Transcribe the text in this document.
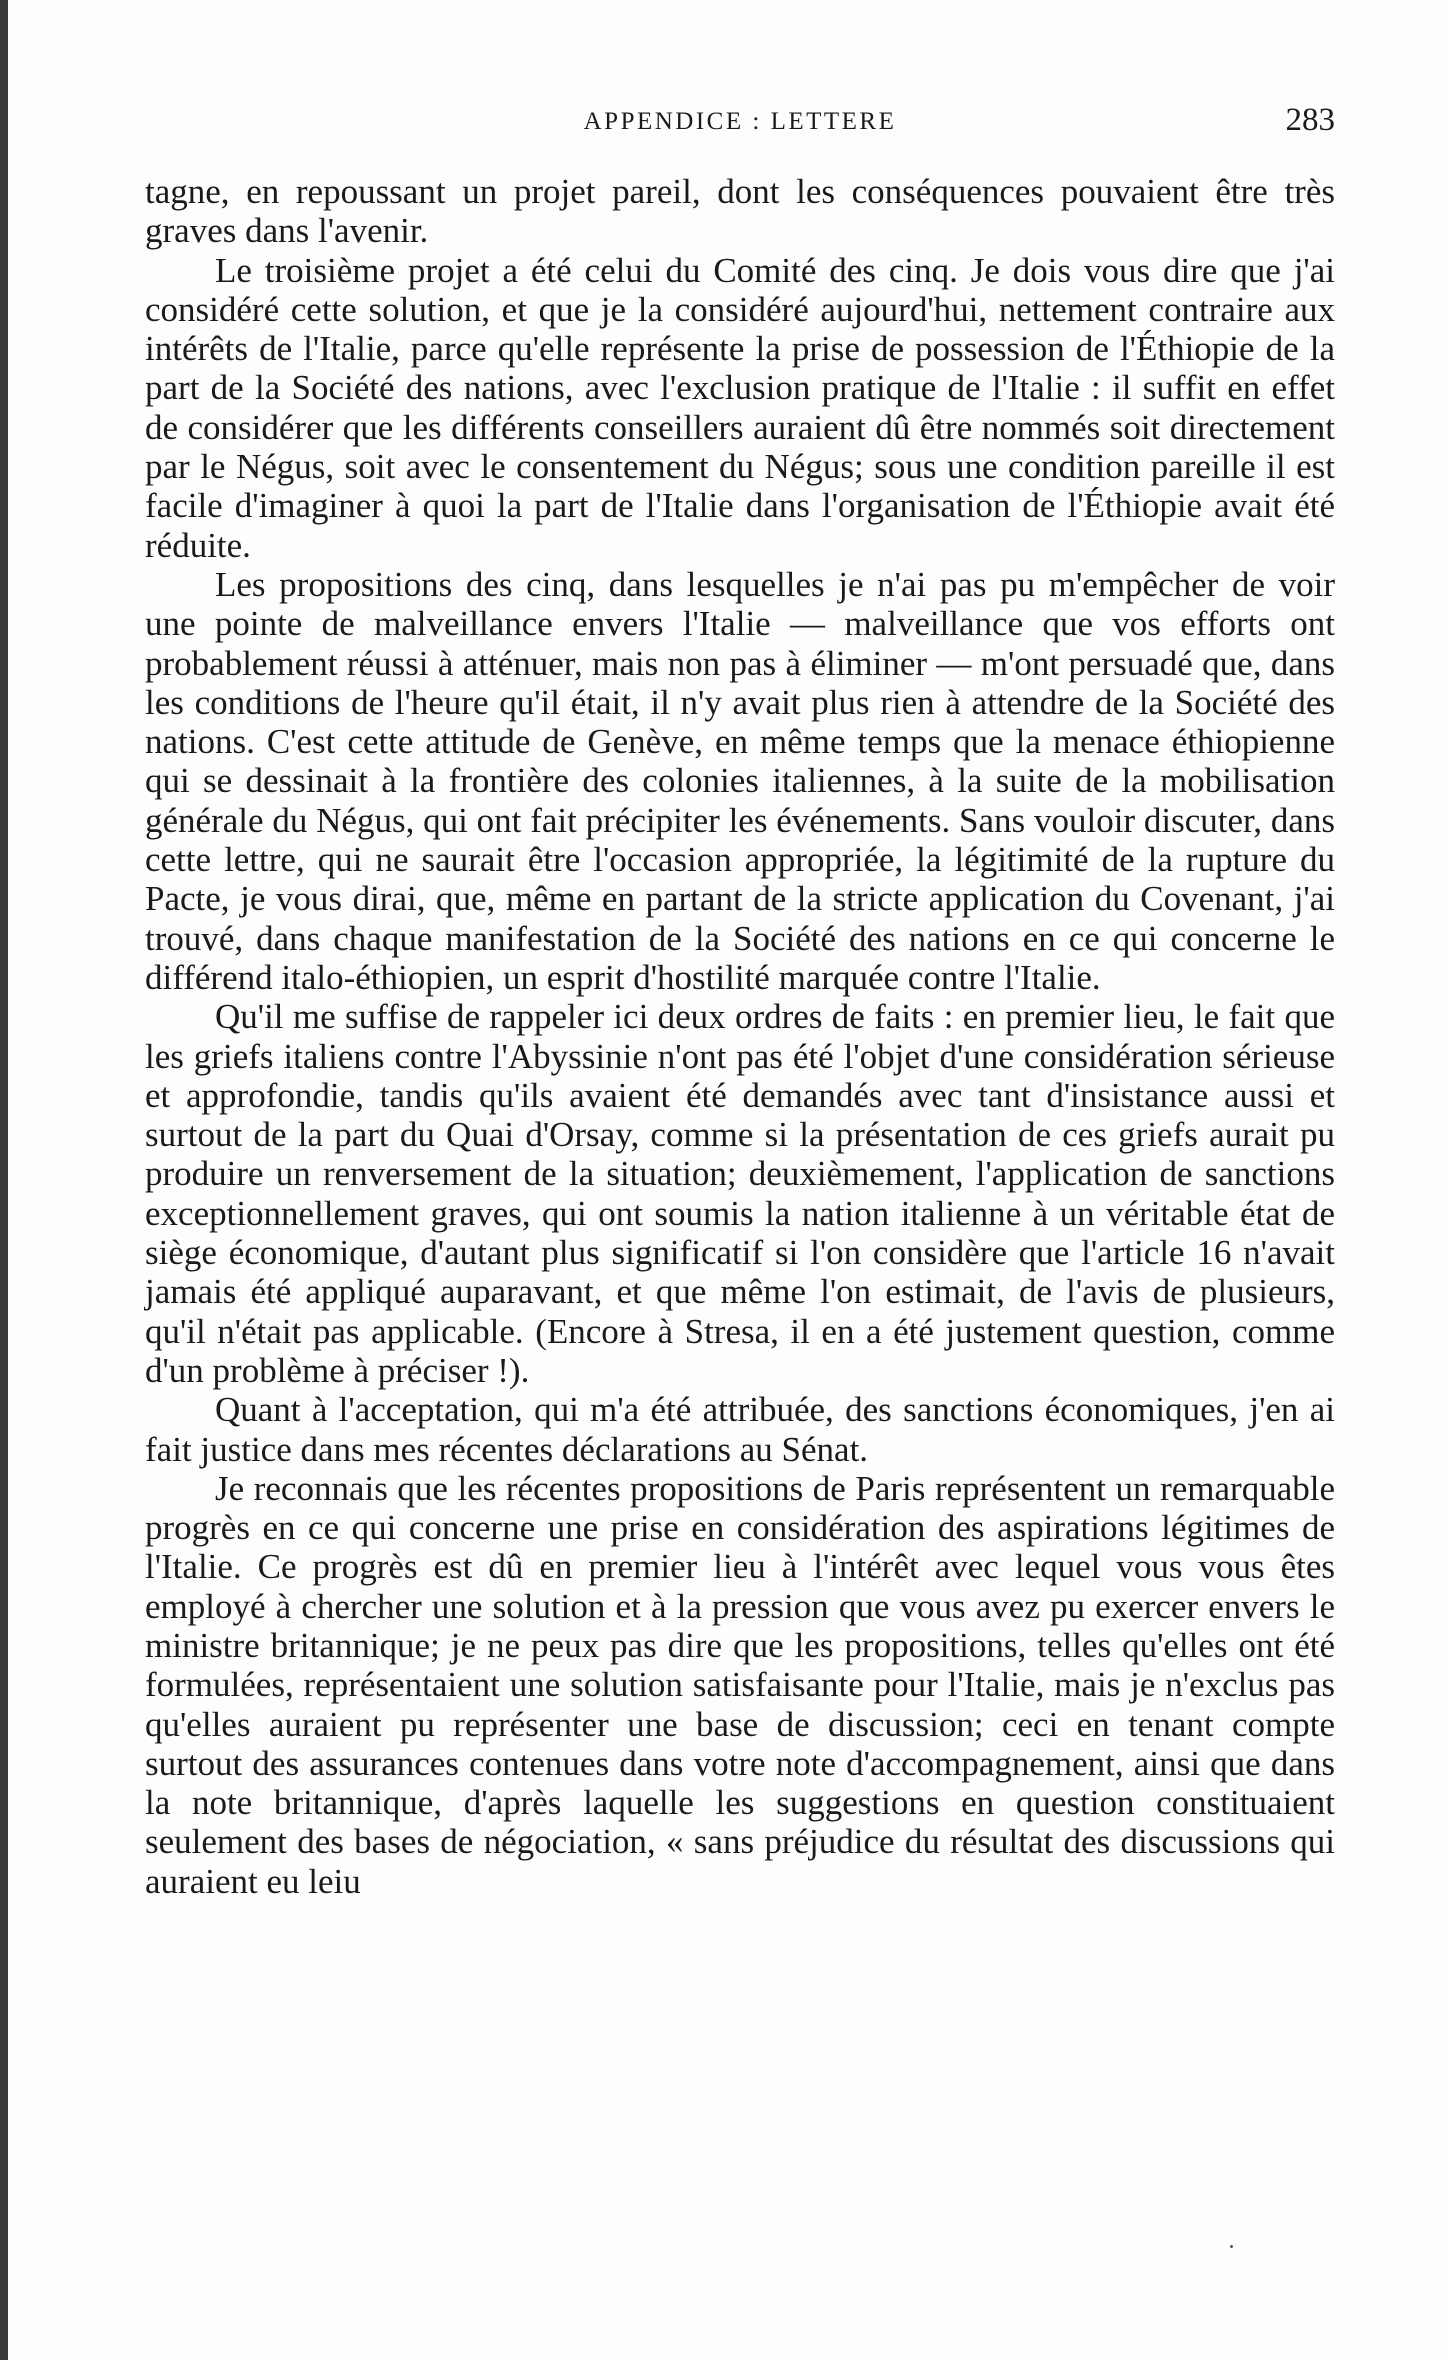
APPENDICE : LETTERE	283

tagne, en repoussant un projet pareil, dont les conséquences pouvaient être très graves dans l'avenir.

Le troisième projet a été celui du Comité des cinq. Je dois vous dire que j'ai considéré cette solution, et que je la considéré aujourd'hui, nettement contraire aux intérêts de l'Italie, parce qu'elle représente la prise de possession de l'Éthiopie de la part de la Société des nations, avec l'exclusion pratique de l'Italie : il suffit en effet de considérer que les différents conseillers auraient dû être nommés soit directement par le Négus, soit avec le consentement du Négus; sous une condition pareille il est facile d'imaginer à quoi la part de l'Italie dans l'organisation de l'Éthiopie avait été réduite.

Les propositions des cinq, dans lesquelles je n'ai pas pu m'empêcher de voir une pointe de malveillance envers l'Italie — malveillance que vos efforts ont probablement réussi à atténuer, mais non pas à éliminer — m'ont persuadé que, dans les conditions de l'heure qu'il était, il n'y avait plus rien à attendre de la Société des nations. C'est cette attitude de Genève, en même temps que la menace éthiopienne qui se dessinait à la frontière des colonies italiennes, à la suite de la mobilisation générale du Négus, qui ont fait précipiter les événements. Sans vouloir discuter, dans cette lettre, qui ne saurait être l'occasion appropriée, la légitimité de la rupture du Pacte, je vous dirai, que, même en partant de la stricte application du Covenant, j'ai trouvé, dans chaque manifestation de la Société des nations en ce qui concerne le différend italo-éthiopien, un esprit d'hostilité marquée contre l'Italie.

Qu'il me suffise de rappeler ici deux ordres de faits : en premier lieu, le fait que les griefs italiens contre l'Abyssinie n'ont pas été l'objet d'une considération sérieuse et approfondie, tandis qu'ils avaient été demandés avec tant d'insistance aussi et surtout de la part du Quai d'Orsay, comme si la présentation de ces griefs aurait pu produire un renversement de la situation; deuxièmement, l'application de sanctions exceptionnellement graves, qui ont soumis la nation italienne à un véritable état de siège économique, d'autant plus significatif si l'on considère que l'article 16 n'avait jamais été appliqué auparavant, et que même l'on estimait, de l'avis de plusieurs, qu'il n'était pas applicable. (Encore à Stresa, il en a été justement question, comme d'un problème à préciser !).

Quant à l'acceptation, qui m'a été attribuée, des sanctions économiques, j'en ai fait justice dans mes récentes déclarations au Sénat.

Je reconnais que les récentes propositions de Paris représentent un remarquable progrès en ce qui concerne une prise en considération des aspirations légitimes de l'Italie. Ce progrès est dû en premier lieu à l'intérêt avec lequel vous vous êtes employé à chercher une solution et à la pression que vous avez pu exercer envers le ministre britannique; je ne peux pas dire que les propositions, telles qu'elles ont été formulées, représentaient une solution satisfaisante pour l'Italie, mais je n'exclus pas qu'elles auraient pu représenter une base de discussion; ceci en tenant compte surtout des assurances contenues dans votre note d'accompagnement, ainsi que dans la note britannique, d'après laquelle les suggestions en question constituaient seulement des bases de négociation, « sans préjudice du résultat des discussions qui auraient eu leiu
